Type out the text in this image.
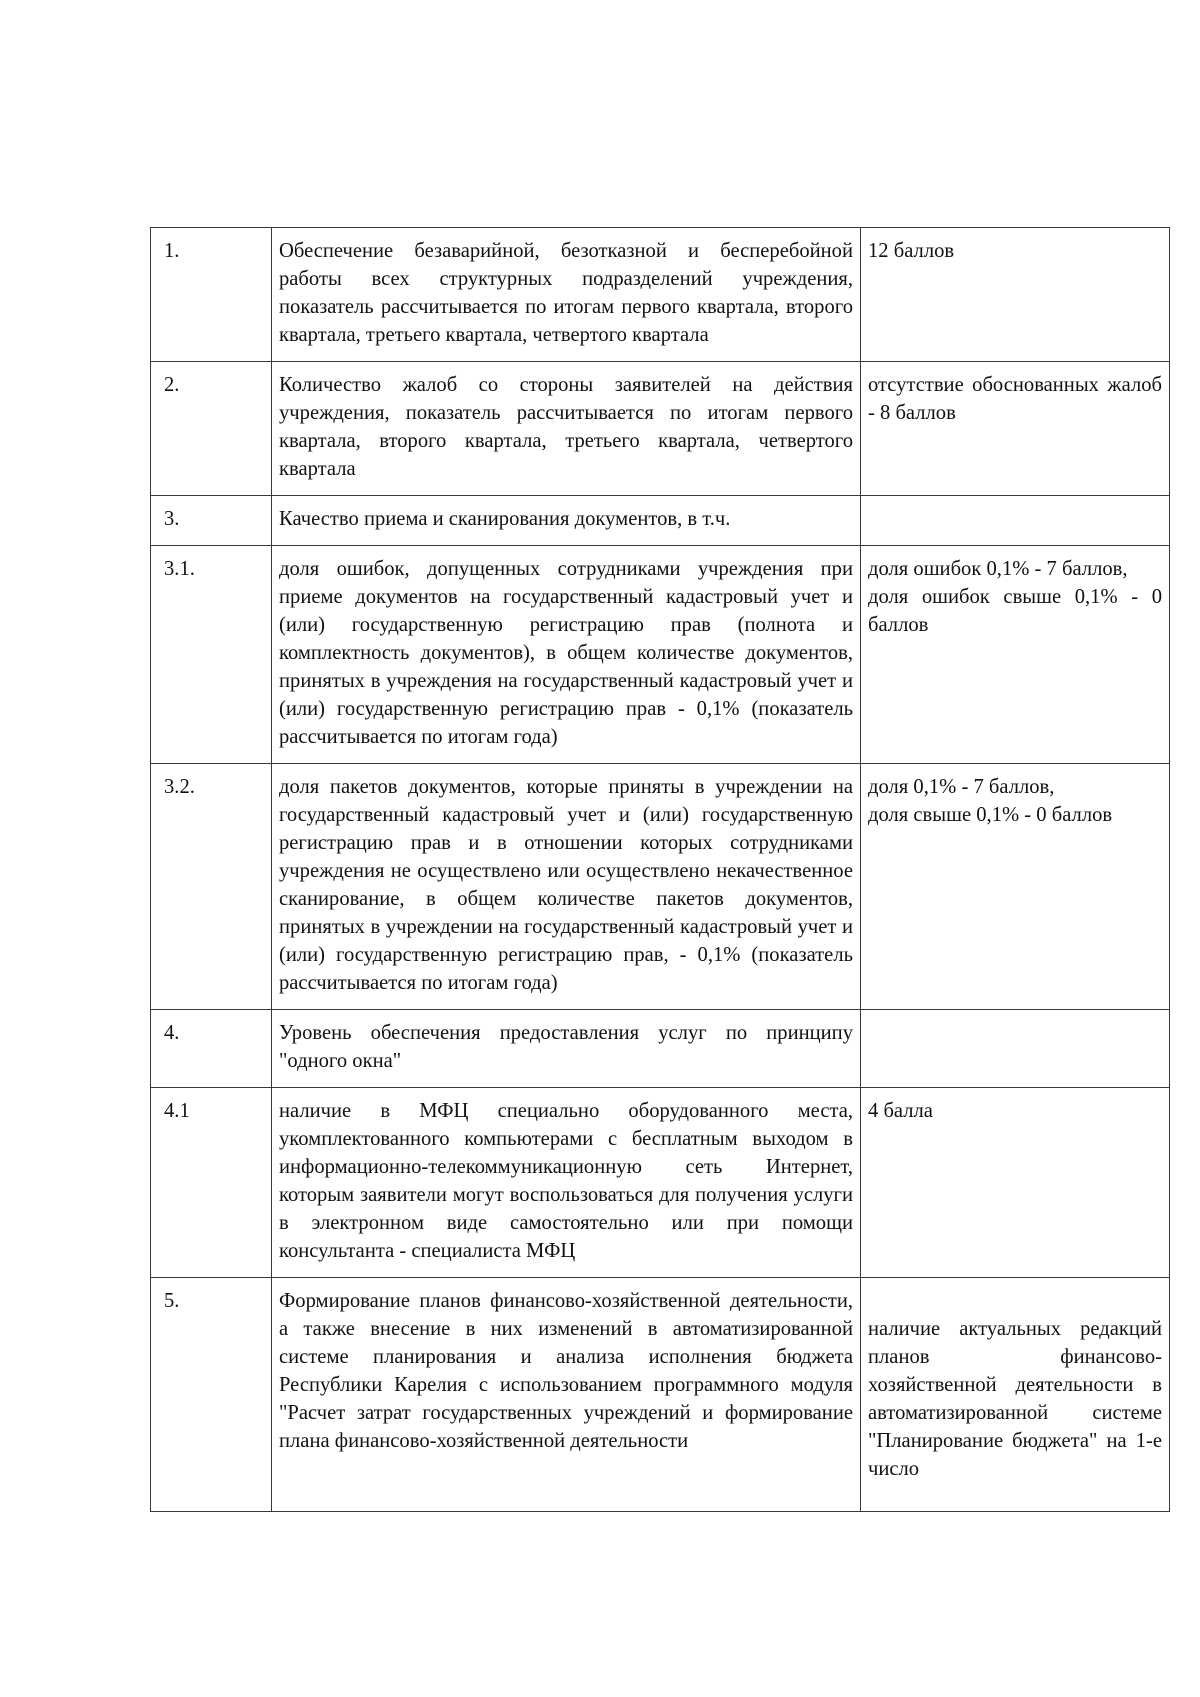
1.	Обеспечение безаварийной, безотказной и бесперебойной работы всех структурных подразделений учреждения, показатель рассчитывается по итогам первого квартала, второго квартала, третьего квартала, четвертого квартала	12 баллов
2.	Количество жалоб со стороны заявителей на действия учреждения, показатель рассчитывается по итогам первого квартала, второго квартала, третьего квартала, четвертого квартала	отсутствие обоснованных жалоб - 8 баллов
3.	Качество приема и сканирования документов, в т.ч.	
3.1.	доля ошибок, допущенных сотрудниками учреждения при приеме документов на государственный кадастровый учет и (или) государственную регистрацию прав (полнота и комплектность документов), в общем количестве документов, принятых в учреждения на государственный кадастровый учет и (или) государственную регистрацию прав - 0,1% (показатель рассчитывается по итогам года)	доля ошибок 0,1% - 7 баллов,
доля ошибок свыше 0,1% - 0 баллов
3.2.	доля пакетов документов, которые приняты в учреждении на государственный кадастровый учет и (или) государственную регистрацию прав и в отношении которых сотрудниками учреждения не осуществлено или осуществлено некачественное сканирование, в общем количестве пакетов документов, принятых в учреждении на государственный кадастровый учет и (или) государственную регистрацию прав, - 0,1% (показатель рассчитывается по итогам года)	доля 0,1% - 7 баллов,
доля свыше 0,1% - 0 баллов
4.	Уровень обеспечения предоставления услуг по принципу "одного окна"	
4.1	наличие в МФЦ специально оборудованного места, укомплектованного компьютерами с бесплатным выходом в информационно-телекоммуникационную сеть Интернет, которым заявители могут воспользоваться для получения услуги в электронном виде самостоятельно или при помощи консультанта - специалиста МФЦ	4 балла
5.	Формирование планов финансово-хозяйственной деятельности, а также внесение в них изменений в автоматизированной системе планирования и анализа исполнения бюджета Республики Карелия с использованием программного модуля "Расчет затрат государственных учреждений и формирование плана финансово-хозяйственной деятельности	наличие актуальных редакций планов финансово-хозяйственной деятельности в автоматизированной системе "Планирование бюджета" на 1-е число
